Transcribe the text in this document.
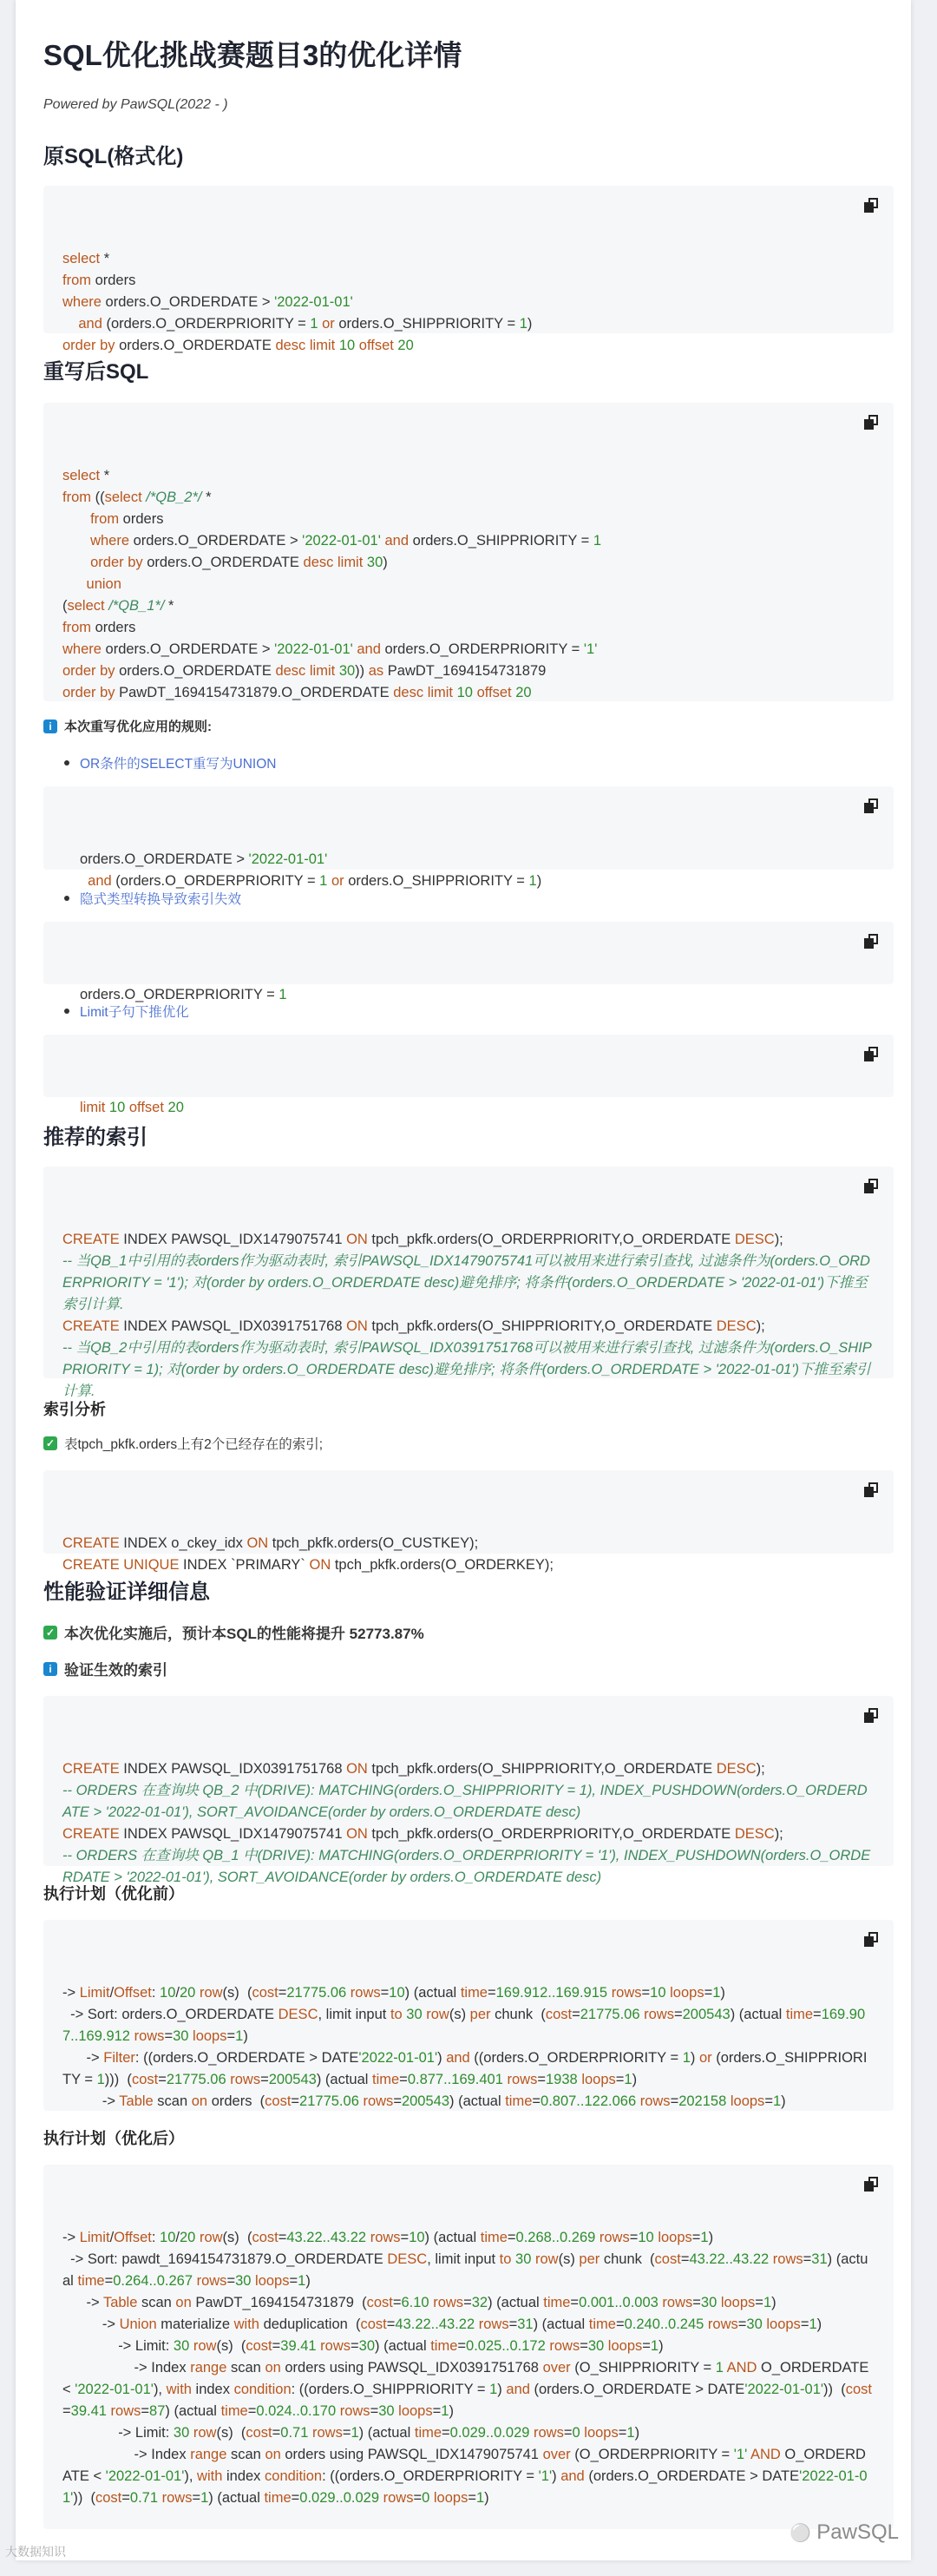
SQL优化挑战赛题目3的优化详情
Powered by PawSQL(2022 - )
原SQL(格式化)

select *
from orders
where orders.O_ORDERDATE > '2022-01-01'
and (orders.O_ORDERPRIORITY = 1 or orders.O_SHIPPRIORITY = 1)
order by orders.O_ORDERDATE desc limit 10 offset 20

重写后SQL

select *
from ((select /*QB_2*/ *
from orders
where orders.O_ORDERDATE > '2022-01-01' and orders.O_SHIPPRIORITY = 1
order by orders.O_ORDERDATE desc limit 30)
union
(select /*QB_1*/ *
from orders
where orders.O_ORDERDATE > '2022-01-01' and orders.O_ORDERPRIORITY = '1'
order by orders.O_ORDERDATE desc limit 30)) as PawDT_1694154731879
order by PawDT_1694154731879.O_ORDERDATE desc limit 10 offset 20

i 本次重写优化应用的规则:
OR条件的SELECT重写为UNION

orders.O_ORDERDATE > '2022-01-01'
and (orders.O_ORDERPRIORITY = 1 or orders.O_SHIPPRIORITY = 1)

隐式类型转换导致索引失效

orders.O_ORDERPRIORITY = 1

Limit子句下推优化

limit 10 offset 20

推荐的索引

CREATE INDEX PAWSQL_IDX1479075741 ON tpch_pkfk.orders(O_ORDERPRIORITY,O_ORDERDATE DESC);
-- 当QB_1中引用的表orders作为驱动表时, 索引PAWSQL_IDX1479075741可以被用来进行索引查找, 过滤条件为(orders.O_ORDERPRIORITY = '1'); 对(order by orders.O_ORDERDATE desc)避免排序; 将条件(orders.O_ORDERDATE > '2022-01-01')下推至索引计算.
CREATE INDEX PAWSQL_IDX0391751768 ON tpch_pkfk.orders(O_SHIPPRIORITY,O_ORDERDATE DESC);
-- 当QB_2中引用的表orders作为驱动表时, 索引PAWSQL_IDX0391751768可以被用来进行索引查找, 过滤条件为(orders.O_SHIPPRIORITY = 1); 对(order by orders.O_ORDERDATE desc)避免排序; 将条件(orders.O_ORDERDATE > '2022-01-01')下推至索引计算.

索引分析
✓ 表tpch_pkfk.orders上有2个已经存在的索引;

CREATE INDEX o_ckey_idx ON tpch_pkfk.orders(O_CUSTKEY);
CREATE UNIQUE INDEX `PRIMARY` ON tpch_pkfk.orders(O_ORDERKEY);

性能验证详细信息
✓ 本次优化实施后，预计本SQL的性能将提升 52773.87%
i 验证生效的索引

CREATE INDEX PAWSQL_IDX0391751768 ON tpch_pkfk.orders(O_SHIPPRIORITY,O_ORDERDATE DESC);
-- ORDERS 在查询块 QB_2 中(DRIVE): MATCHING(orders.O_SHIPPRIORITY = 1), INDEX_PUSHDOWN(orders.O_ORDERDATE > '2022-01-01'), SORT_AVOIDANCE(order by orders.O_ORDERDATE desc)
CREATE INDEX PAWSQL_IDX1479075741 ON tpch_pkfk.orders(O_ORDERPRIORITY,O_ORDERDATE DESC);
-- ORDERS 在查询块 QB_1 中(DRIVE): MATCHING(orders.O_ORDERPRIORITY = '1'), INDEX_PUSHDOWN(orders.O_ORDERDATE > '2022-01-01'), SORT_AVOIDANCE(order by orders.O_ORDERDATE desc)

执行计划（优化前）

-> Limit/Offset: 10/20 row(s)  (cost=21775.06 rows=10) (actual time=169.912..169.915 rows=10 loops=1)
-> Sort: orders.O_ORDERDATE DESC, limit input to 30 row(s) per chunk  (cost=21775.06 rows=200543) (actual time=169.907..169.912 rows=30 loops=1)
-> Filter: ((orders.O_ORDERDATE > DATE'2022-01-01') and ((orders.O_ORDERPRIORITY = 1) or (orders.O_SHIPPRIORITY = 1)))  (cost=21775.06 rows=200543) (actual time=0.877..169.401 rows=1938 loops=1)
-> Table scan on orders  (cost=21775.06 rows=200543) (actual time=0.807..122.066 rows=202158 loops=1)

执行计划（优化后）

-> Limit/Offset: 10/20 row(s)  (cost=43.22..43.22 rows=10) (actual time=0.268..0.269 rows=10 loops=1)
-> Sort: pawdt_1694154731879.O_ORDERDATE DESC, limit input to 30 row(s) per chunk  (cost=43.22..43.22 rows=31) (actual time=0.264..0.267 rows=30 loops=1)
-> Table scan on PawDT_1694154731879  (cost=6.10 rows=32) (actual time=0.001..0.003 rows=30 loops=1)
-> Union materialize with deduplication  (cost=43.22..43.22 rows=31) (actual time=0.240..0.245 rows=30 loops=1)
-> Limit: 30 row(s)  (cost=39.41 rows=30) (actual time=0.025..0.172 rows=30 loops=1)
-> Index range scan on orders using PAWSQL_IDX0391751768 over (O_SHIPPRIORITY = 1 AND O_ORDERDATE < '2022-01-01'), with index condition: ((orders.O_SHIPPRIORITY = 1) and (orders.O_ORDERDATE > DATE'2022-01-01'))  (cost=39.41 rows=87) (actual time=0.024..0.170 rows=30 loops=1)
-> Limit: 30 row(s)  (cost=0.71 rows=1) (actual time=0.029..0.029 rows=0 loops=1)
-> Index range scan on orders using PAWSQL_IDX1479075741 over (O_ORDERPRIORITY = '1' AND O_ORDERDATE < '2022-01-01'), with index condition: ((orders.O_ORDERPRIORITY = '1') and (orders.O_ORDERDATE > DATE'2022-01-01'))  (cost=0.71 rows=1) (actual time=0.029..0.029 rows=0 loops=1)

⚪ PawSQL
大数据知识
